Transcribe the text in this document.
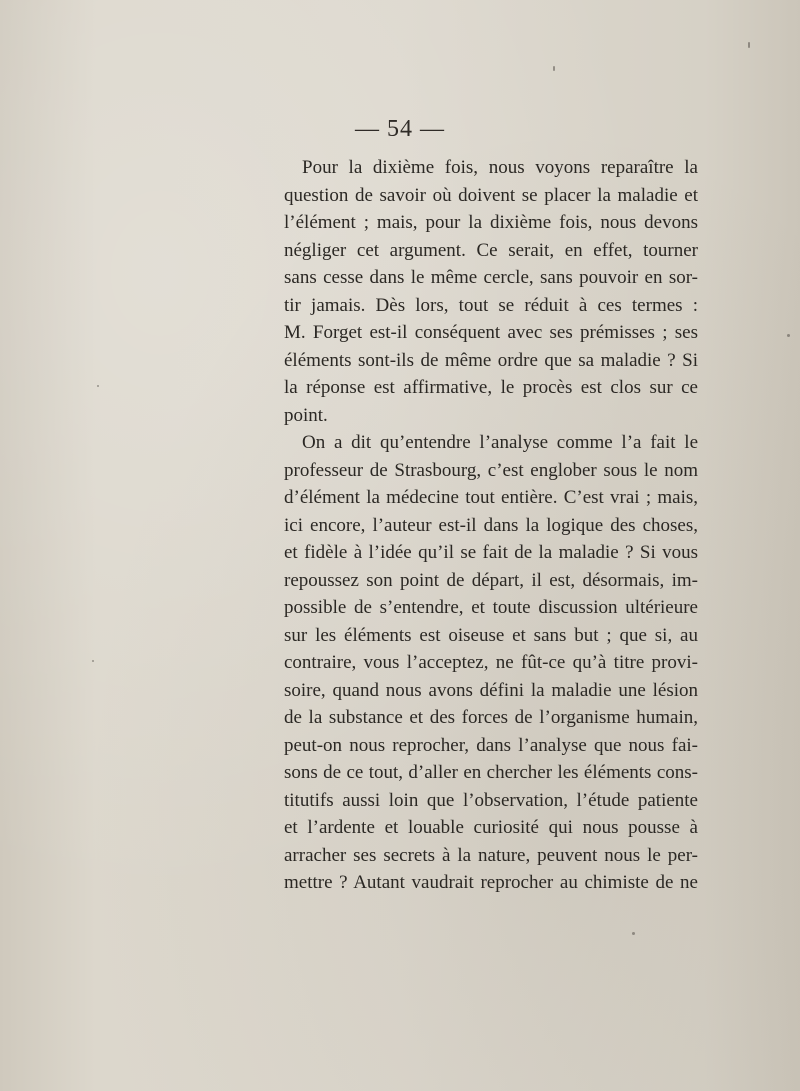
— 54 —
Pour la dixième fois, nous voyons reparaître la
question de savoir où doivent se placer la maladie et
l’élément ; mais, pour la dixième fois, nous devons
négliger cet argument. Ce serait, en effet, tourner
sans cesse dans le même cercle, sans pouvoir en sor-
tir jamais. Dès lors, tout se réduit à ces termes :
M. Forget est-il conséquent avec ses prémisses ; ses
éléments sont-ils de même ordre que sa maladie ? Si
la réponse est affirmative, le procès est clos sur ce
point.
On a dit qu’entendre l’analyse comme l’a fait le
professeur de Strasbourg, c’est englober sous le nom
d’élément la médecine tout entière. C’est vrai ; mais,
ici encore, l’auteur est-il dans la logique des choses,
et fidèle à l’idée qu’il se fait de la maladie ? Si vous
repoussez son point de départ, il est, désormais, im-
possible de s’entendre, et toute discussion ultérieure
sur les éléments est oiseuse et sans but ; que si, au
contraire, vous l’acceptez, ne fût-ce qu’à titre provi-
soire, quand nous avons défini la maladie une lésion
de la substance et des forces de l’organisme humain,
peut-on nous reprocher, dans l’analyse que nous fai-
sons de ce tout, d’aller en chercher les éléments cons-
titutifs aussi loin que l’observation, l’étude patiente
et l’ardente et louable curiosité qui nous pousse à
arracher ses secrets à la nature, peuvent nous le per-
mettre ? Autant vaudrait reprocher au chimiste de ne
